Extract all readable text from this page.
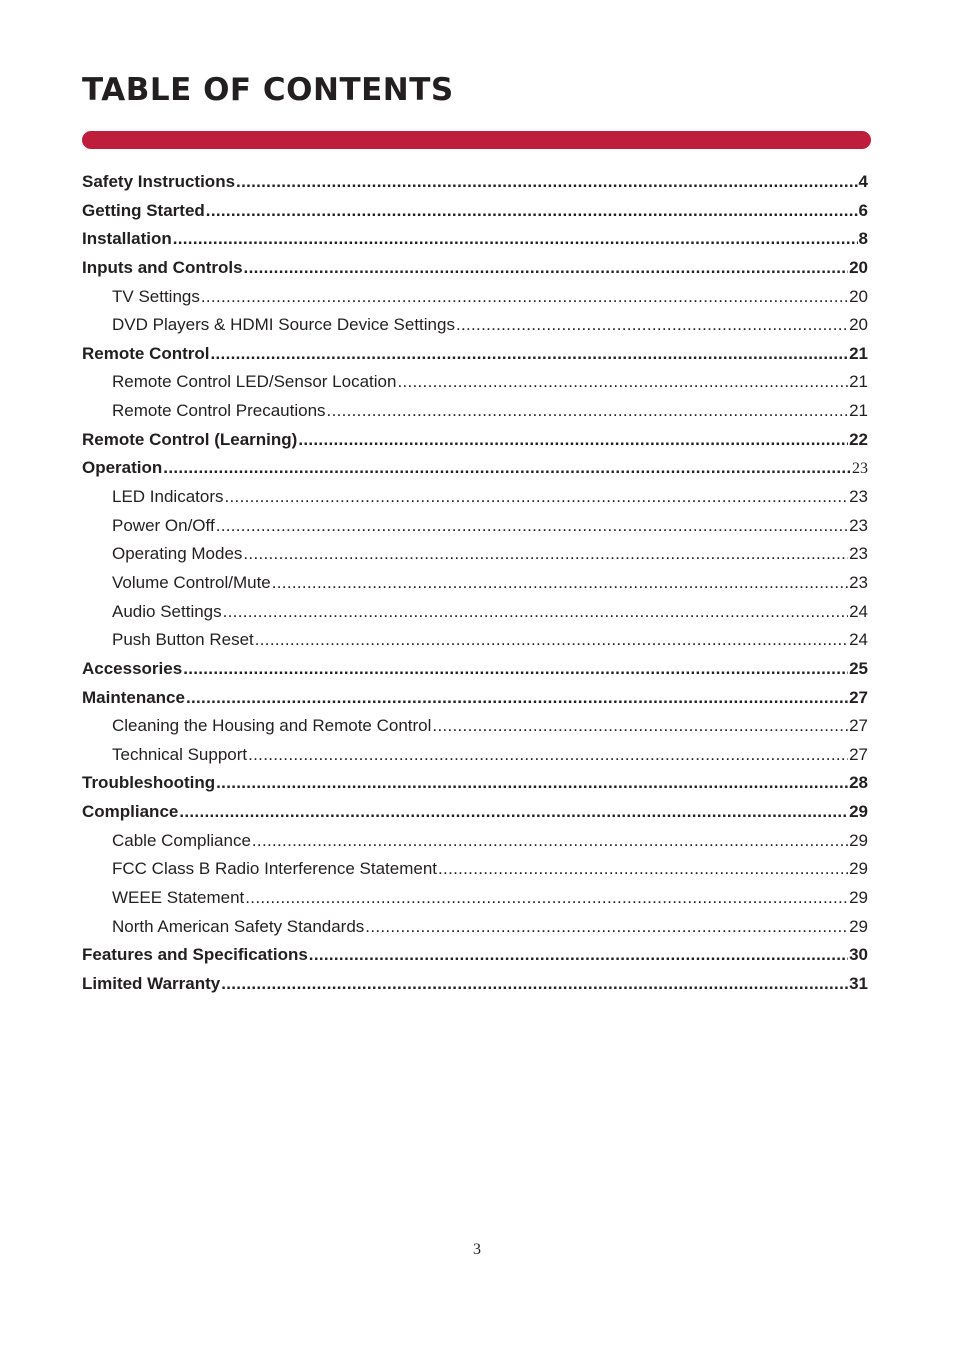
TABLE OF CONTENTS
Safety Instructions .....	4
Getting Started .....	6
Installation .....	8
Inputs and Controls .....	20
TV Settings .....	20
DVD Players & HDMI Source Device Settings .....	20
Remote Control .....	21
Remote Control LED/Sensor Location .....	21
Remote Control Precautions .....	21
Remote Control (Learning) .....	22
Operation .....	23
LED Indicators .....	23
Power On/Off .....	23
Operating Modes .....	23
Volume Control/Mute .....	23
Audio Settings .....	24
Push Button Reset .....	24
Accessories .....	25
Maintenance .....	27
Cleaning the Housing and Remote Control .....	27
Technical Support .....	27
Troubleshooting .....	28
Compliance .....	29
Cable Compliance .....	29
FCC Class B Radio Interference Statement .....	29
WEEE Statement .....	29
North American Safety Standards .....	29
Features and Specifications .....	30
Limited Warranty .....	31
3
